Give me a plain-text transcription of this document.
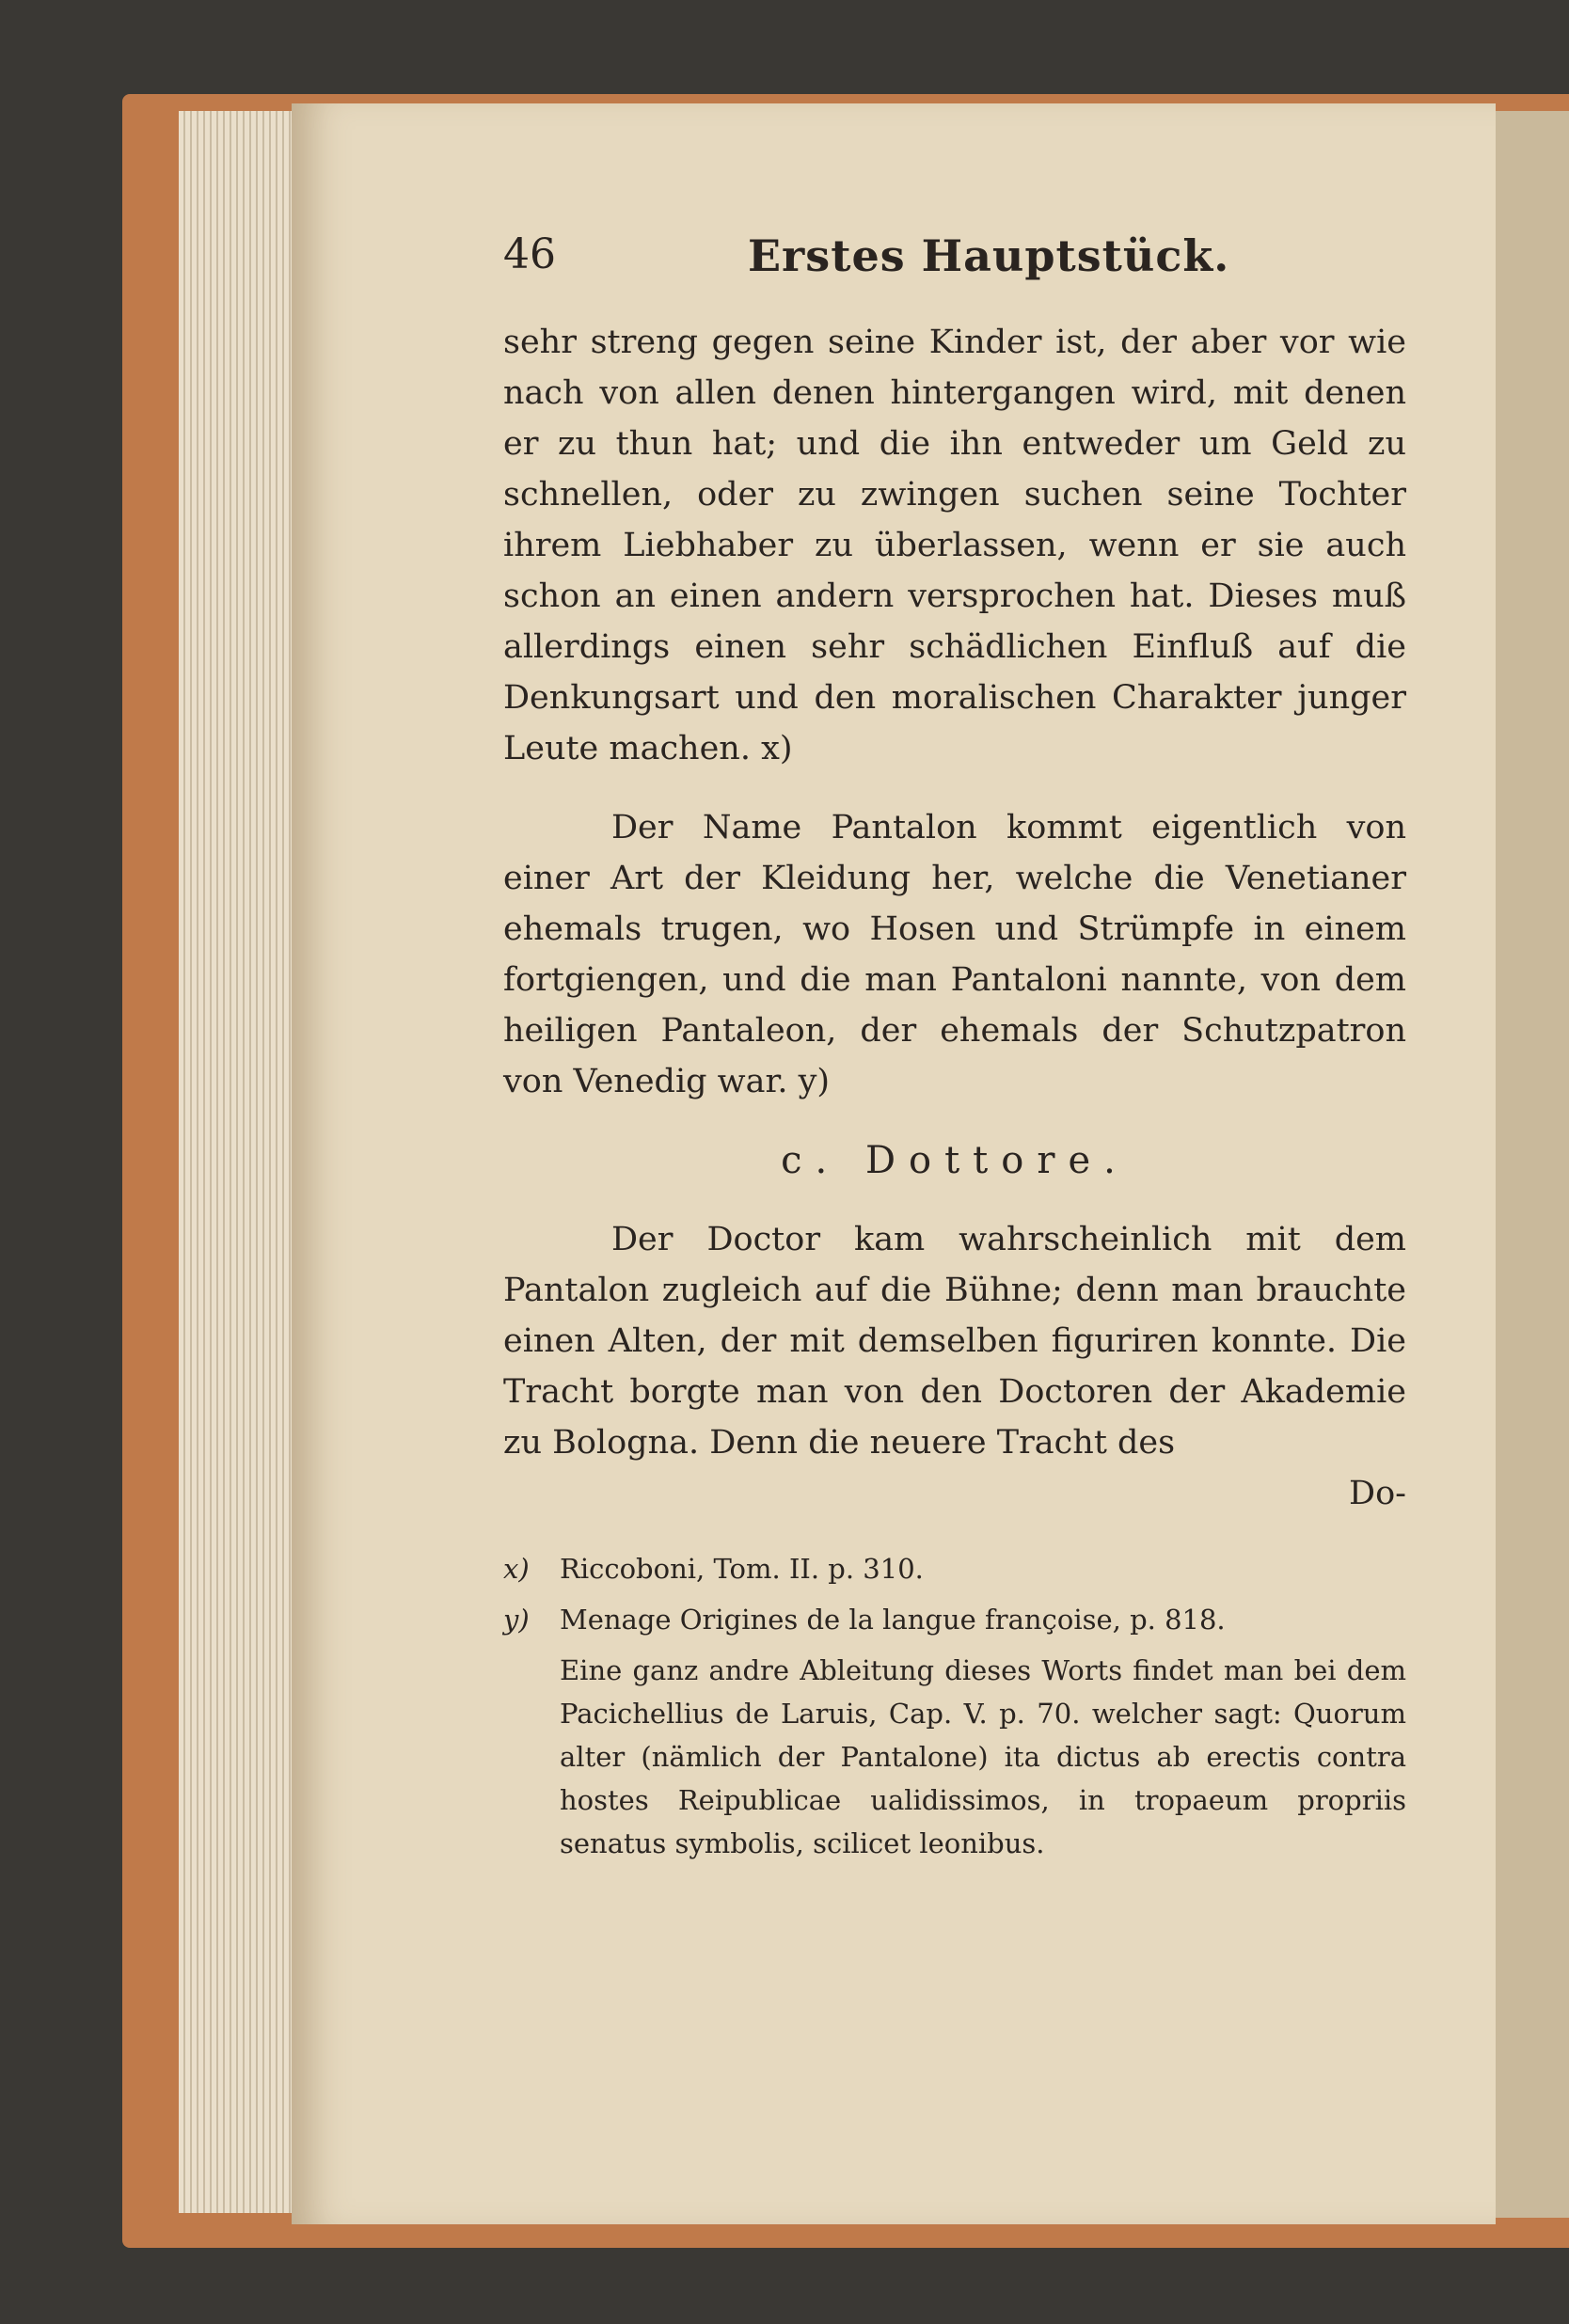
46	Erstes Hauptstück.

sehr streng gegen seine Kinder ist, der aber vor wie nach von allen denen hintergangen wird, mit denen er zu thun hat; und die ihn entweder um Geld zu schnellen, oder zu zwingen suchen seine Tochter ihrem Liebhaber zu überlassen, wenn er sie auch schon an einen andern versprochen hat. Dieses muß allerdings einen sehr schädlichen Einfluß auf die Denkungsart und den moralischen Charakter junger Leute machen. x)

Der Name Pantalon kommt eigentlich von einer Art der Kleidung her, welche die Venetianer ehemals trugen, wo Hosen und Strümpfe in einem fortgiengen, und die man Pantaloni nannte, von dem heiligen Pantaleon, der ehemals der Schutzpatron von Venedig war. y)

c. Dottore.

Der Doctor kam wahrscheinlich mit dem Pantalon zugleich auf die Bühne; denn man brauchte einen Alten, der mit demselben figuriren konnte. Die Tracht borgte man von den Doctoren der Akademie zu Bologna. Denn die neuere Tracht des

Do-

x) Riccoboni, Tom. II. p. 310.

y) Menage Origines de la langue françoise, p. 818.

Eine ganz andre Ableitung dieses Worts findet man bei dem Pacichellius de Laruis, Cap. V. p. 70. welcher sagt: Quorum alter (nämlich der Pantalone) ita dictus ab erectis contra hostes Reipublicae ualidissimos, in tropaeum propriis senatus symbolis, scilicet leonibus.
